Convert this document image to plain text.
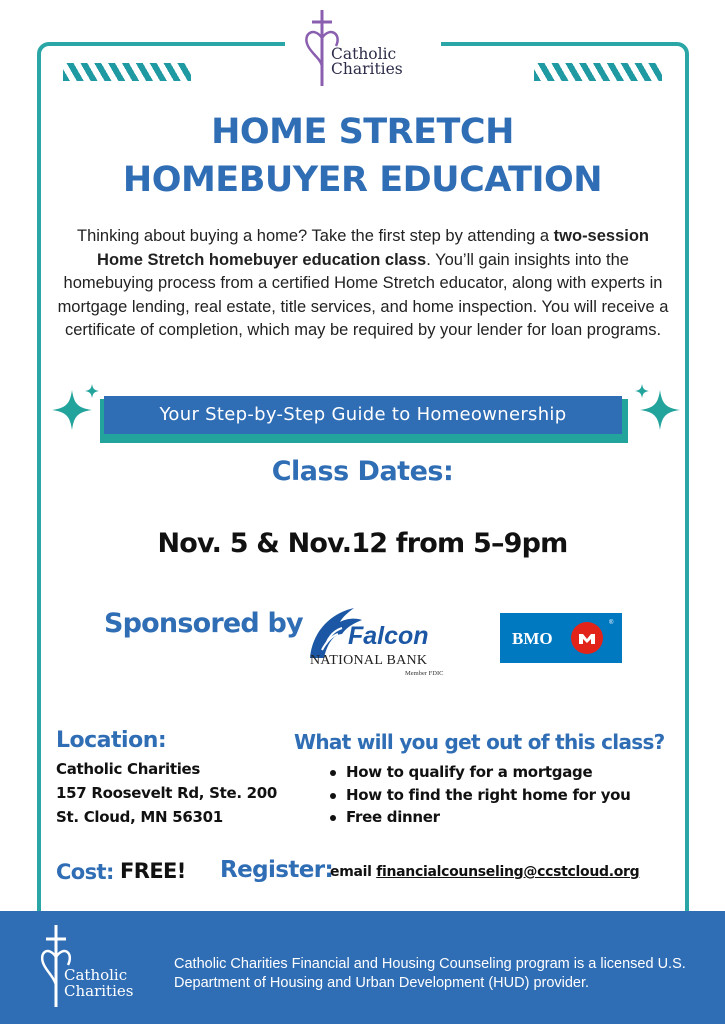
Catholic
Charities
HOME STRETCH
HOMEBUYER EDUCATION

Thinking about buying a home? Take the first step by attending a two-session Home Stretch homebuyer education class. You’ll gain insights into the homebuying process from a certified Home Stretch educator, along with experts in mortgage lending, real estate, title services, and home inspection. You will receive a certificate of completion, which may be required by your lender for loan programs.

Your Step-by-Step Guide to Homeownership
Class Dates:
Nov. 5 & Nov.12 from 5–9pm
Sponsored by Falcon
NATIONAL BANK
Member FDIC
BMO
®
Location:
Catholic Charities
157 Roosevelt Rd, Ste. 200
St. Cloud, MN 56301
What will you get out of this class?
How to qualify for a mortgage
How to find the right home for you
Free dinner
Cost: FREE! Register:
email financialcounseling@ccstcloud.org
Catholic
Charities
Catholic Charities Financial and Housing Counseling program is a licensed U.S. Department of Housing and Urban Development (HUD) provider.
